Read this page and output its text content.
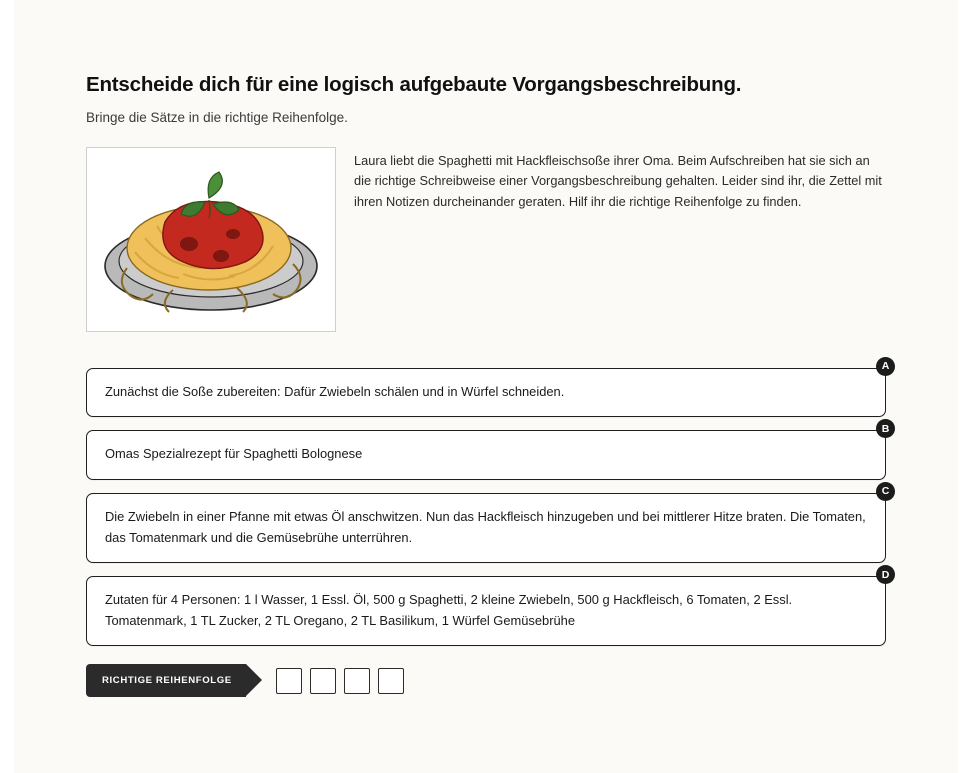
Entscheide dich für eine logisch aufgebaute Vorgangsbeschreibung.

Bringe die Sätze in die richtige Reihenfolge.

Laura liebt die Spaghetti mit Hackfleischsoße ihrer Oma. Beim Aufschreiben hat sie sich an die richtige Schreibweise einer Vorgangsbeschreibung gehalten. Leider sind ihr, die Zettel mit ihren Notizen durcheinander geraten. Hilf ihr die richtige Reihenfolge zu finden.
A

Zunächst die Soße zubereiten: Dafür Zwiebeln schälen und in Würfel schneiden.

B

Omas Spezialrezept für Spaghetti Bolognese

C

Die Zwiebeln in einer Pfanne mit etwas Öl anschwitzen. Nun das Hackfleisch hinzugeben und bei mittlerer Hitze braten. Die Tomaten, das Tomatenmark und die Gemüsebrühe unterrühren.

D

Zutaten für 4 Personen: 1 l Wasser, 1 Essl. Öl, 500 g Spaghetti, 2 kleine Zwiebeln, 500 g Hackfleisch, 6 Tomaten, 2 Essl. Tomatenmark, 1 TL Zucker, 2 TL Oregano, 2 TL Basilikum, 1 Würfel Gemüsebrühe

RICHTIGE REIHENFOLGE
